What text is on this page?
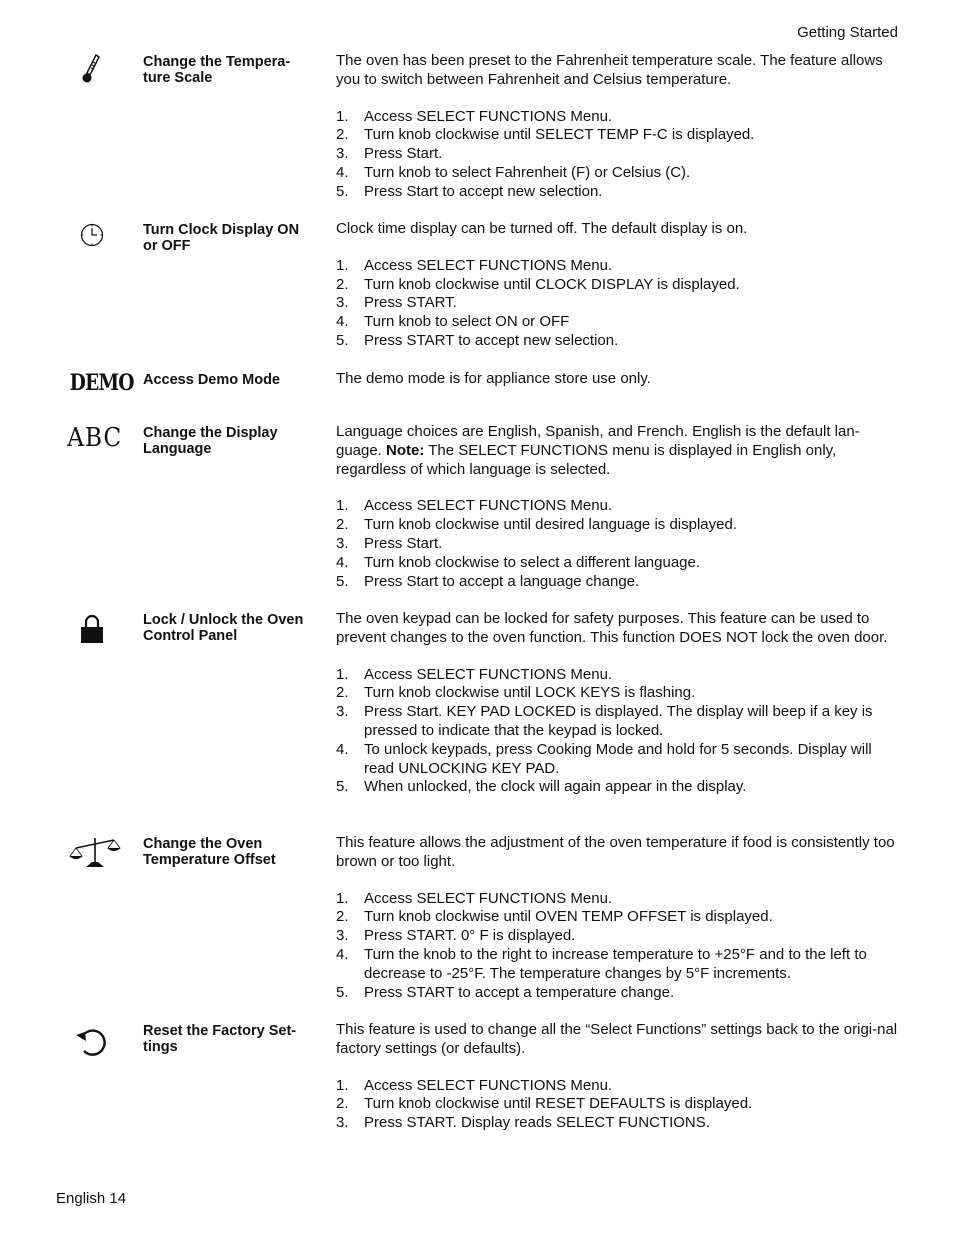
Getting Started
Change the Tempera-
ture Scale

The oven has been preset to the Fahrenheit temperature scale. The feature allows you to switch between Fahrenheit and Celsius temperature.

1. Access SELECT FUNCTIONS Menu.
2. Turn knob clockwise until SELECT TEMP F-C is displayed.
3. Press Start.
4. Turn knob to select Fahrenheit (F) or Celsius (C).
5. Press Start to accept new selection.
Turn Clock Display ON
or OFF

Clock time display can be turned off. The default display is on.

1. Access SELECT FUNCTIONS Menu.
2. Turn knob clockwise until CLOCK DISPLAY is displayed.
3. Press START.
4. Turn knob to select ON or OFF
5. Press START to accept new selection.
DEMO Access Demo Mode	The demo mode is for appliance store use only.

ABC Change the Display
Language

Language choices are English, Spanish, and French. English is the default lan-guage. Note: The SELECT FUNCTIONS menu is displayed in English only, regardless of which language is selected.

1. Access SELECT FUNCTIONS Menu.
2. Turn knob clockwise until desired language is displayed.
3. Press Start.
4. Turn knob clockwise to select a different language.
5. Press Start to accept a language change.
Lock / Unlock the Oven
Control Panel

The oven keypad can be locked for safety purposes. This feature can be used to prevent changes to the oven function. This function DOES NOT lock the oven door.

1. Access SELECT FUNCTIONS Menu.
2. Turn knob clockwise until LOCK KEYS is flashing.
3. Press Start. KEY PAD LOCKED is displayed. The display will beep if a key is pressed to indicate that the keypad is locked.
4. To unlock keypads, press Cooking Mode and hold for 5 seconds. Display will read UNLOCKING KEY PAD.
5. When unlocked, the clock will again appear in the display.
Change the Oven
Temperature Offset

This feature allows the adjustment of the oven temperature if food is consistently too brown or too light.

1. Access SELECT FUNCTIONS Menu.
2. Turn knob clockwise until OVEN TEMP OFFSET is displayed.
3. Press START. 0° F is displayed.
4. Turn the knob to the right to increase temperature to +25°F and to the left to decrease to -25°F. The temperature changes by 5°F increments.
5. Press START to accept a temperature change.
Reset the Factory Set-
tings

This feature is used to change all the “Select Functions” settings back to the origi-nal factory settings (or defaults).

1. Access SELECT FUNCTIONS Menu.
2. Turn knob clockwise until RESET DEFAULTS is displayed.
3. Press START. Display reads SELECT FUNCTIONS.
English 14
